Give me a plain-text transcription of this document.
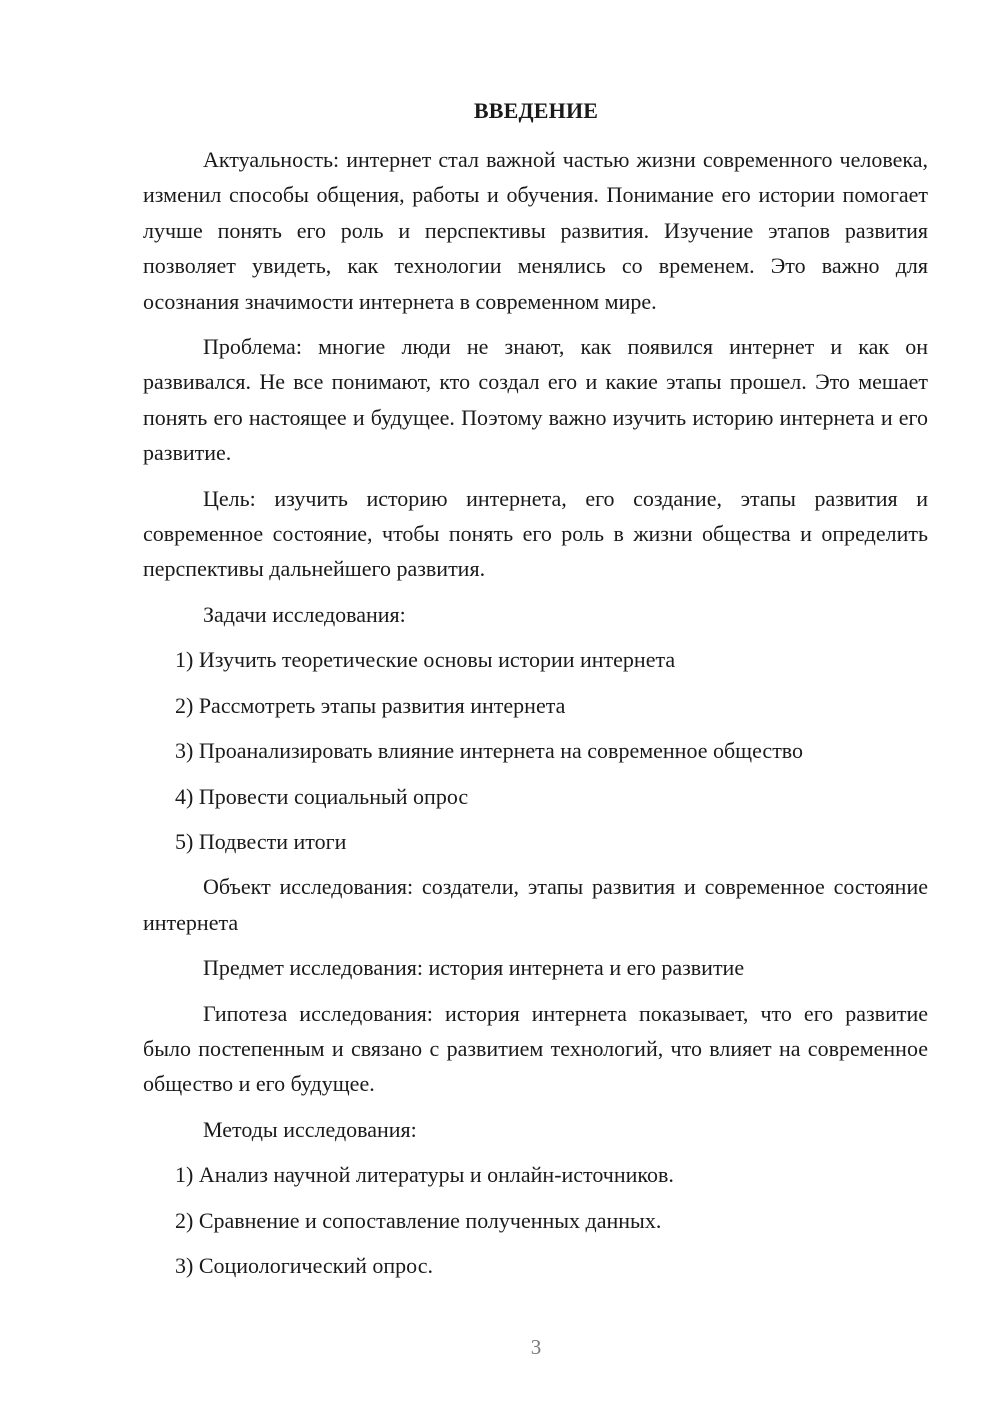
ВВЕДЕНИЕ

Актуальность: интернет стал важной частью жизни современного человека, изменил способы общения, работы и обучения. Понимание его истории помогает лучше понять его роль и перспективы развития. Изучение этапов развития позволяет увидеть, как технологии менялись со временем. Это важно для осознания значимости интернета в современном мире.

Проблема: многие люди не знают, как появился интернет и как он развивался. Не все понимают, кто создал его и какие этапы прошел. Это мешает понять его настоящее и будущее. Поэтому важно изучить историю интернета и его развитие.

Цель: изучить историю интернета, его создание, этапы развития и современное состояние, чтобы понять его роль в жизни общества и определить перспективы дальнейшего развития.

Задачи исследования:

1) Изучить теоретические основы истории интернета
2) Рассмотреть этапы развития интернета
3) Проанализировать влияние интернета на современное общество
4) Провести социальный опрос
5) Подвести итоги

Объект исследования: создатели, этапы развития и современное состояние интернета

Предмет исследования: история интернета и его развитие

Гипотеза исследования: история интернета показывает, что его развитие было постепенным и связано с развитием технологий, что влияет на современное общество и его будущее.

Методы исследования:

1) Анализ научной литературы и онлайн-источников.
2) Сравнение и сопоставление полученных данных.
3) Социологический опрос.
3
